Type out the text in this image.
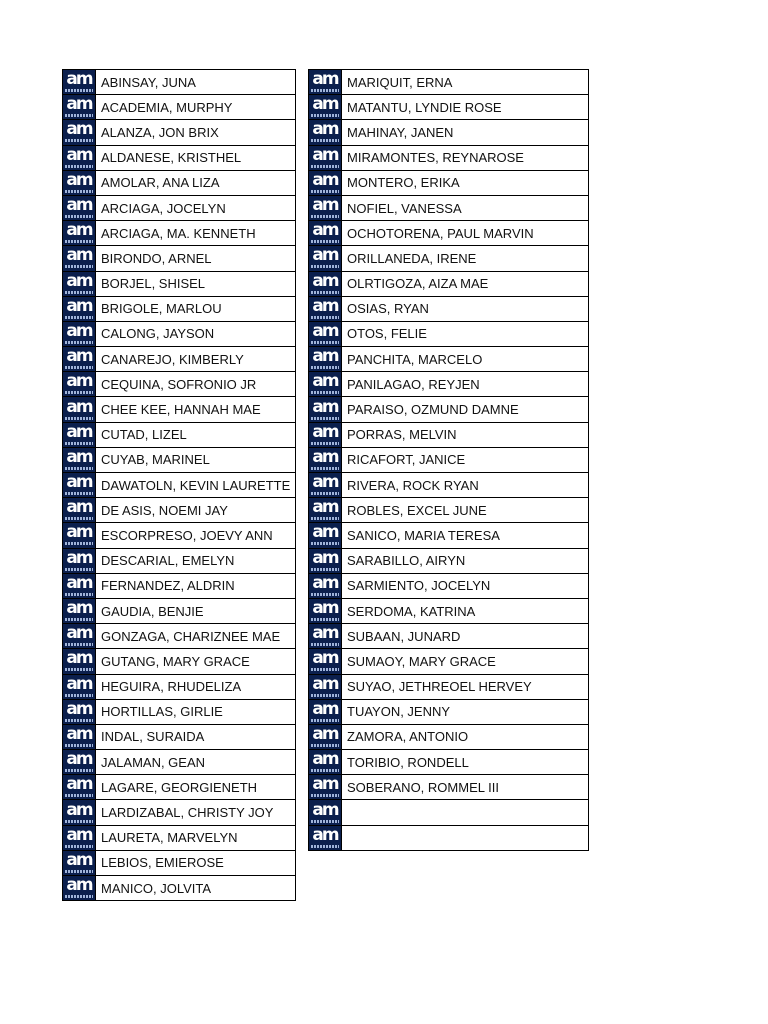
am	ABINSAY, JUNA

am	ACADEMIA, MURPHY

am	ALANZA, JON BRIX

am	ALDANESE, KRISTHEL

am	AMOLAR, ANA LIZA

am	ARCIAGA, JOCELYN

am	ARCIAGA, MA. KENNETH

am	BIRONDO, ARNEL

am	BORJEL, SHISEL

am	BRIGOLE, MARLOU

am	CALONG, JAYSON

am	CANAREJO, KIMBERLY

am	CEQUINA, SOFRONIO JR

am	CHEE KEE, HANNAH MAE

am	CUTAD, LIZEL

am	CUYAB, MARINEL

am	DAWATOLN, KEVIN LAURETTE

am	DE ASIS, NOEMI JAY

am	ESCORPRESO, JOEVY ANN

am	DESCARIAL, EMELYN

am	FERNANDEZ, ALDRIN

am	GAUDIA, BENJIE

am	GONZAGA, CHARIZNEE MAE

am	GUTANG, MARY GRACE

am	HEGUIRA, RHUDELIZA

am	HORTILLAS, GIRLIE

am	INDAL, SURAIDA

am	JALAMAN, GEAN

am	LAGARE, GEORGIENETH

am	LARDIZABAL, CHRISTY JOY

am	LAURETA, MARVELYN

am	LEBIOS, EMIEROSE

am	MANICO, JOLVITA
am	MARIQUIT, ERNA

am	MATANTU, LYNDIE ROSE

am	MAHINAY, JANEN

am	MIRAMONTES, REYNAROSE

am	MONTERO, ERIKA

am	NOFIEL, VANESSA

am	OCHOTORENA, PAUL MARVIN

am	ORILLANEDA, IRENE

am	OLRTIGOZA, AIZA MAE

am	OSIAS, RYAN

am	OTOS, FELIE

am	PANCHITA, MARCELO

am	PANILAGAO, REYJEN

am	PARAISO, OZMUND DAMNE

am	PORRAS, MELVIN

am	RICAFORT, JANICE

am	RIVERA, ROCK RYAN

am	ROBLES, EXCEL JUNE

am	SANICO, MARIA TERESA

am	SARABILLO, AIRYN

am	SARMIENTO, JOCELYN

am	SERDOMA, KATRINA

am	SUBAAN, JUNARD

am	SUMAOY, MARY GRACE

am	SUYAO, JETHREOEL HERVEY

am	TUAYON, JENNY

am	ZAMORA, ANTONIO

am	TORIBIO, RONDELL

am	SOBERANO, ROMMEL III

am	

am	
